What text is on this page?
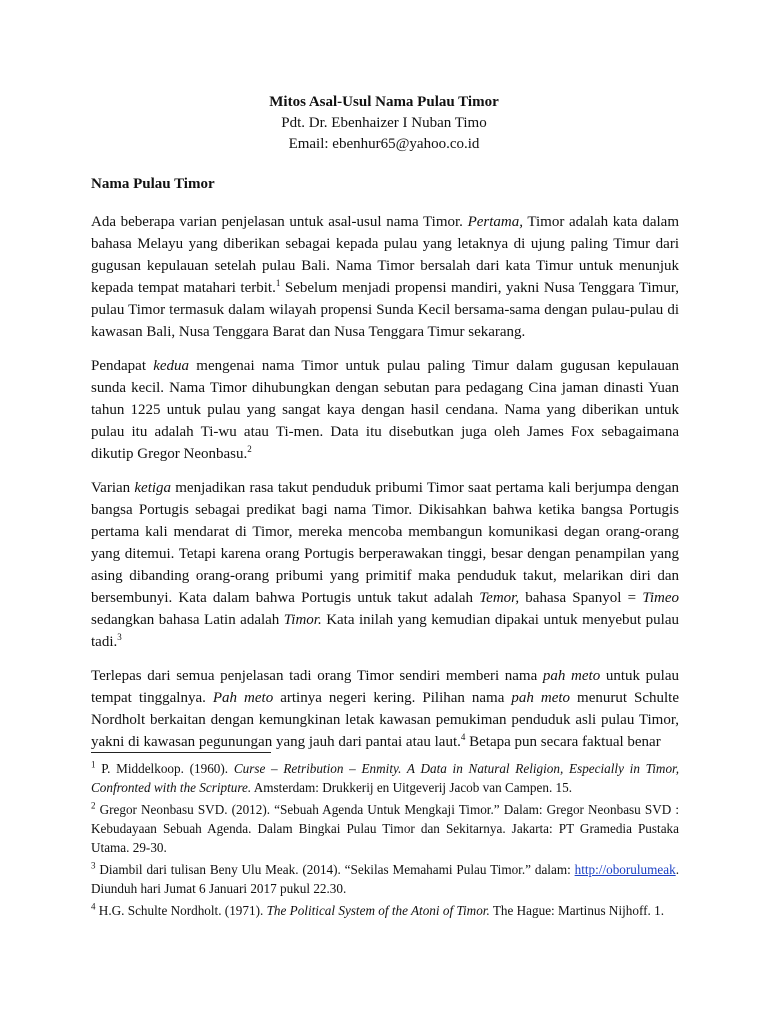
Mitos Asal-Usul Nama Pulau Timor
Pdt. Dr. Ebenhaizer I Nuban Timo
Email: ebenhur65@yahoo.co.id
Nama Pulau Timor

Ada beberapa varian penjelasan untuk asal-usul nama Timor. Pertama, Timor adalah kata dalam bahasa Melayu yang diberikan sebagai kepada pulau yang letaknya di ujung paling Timur dari gugusan kepulauan setelah pulau Bali. Nama Timor bersalah dari kata Timur untuk menunjuk kepada tempat matahari terbit.$^1$ Sebelum menjadi propensi mandiri, yakni Nusa Tenggara Timur, pulau Timor termasuk dalam wilayah propensi Sunda Kecil bersama-sama dengan pulau-pulau di kawasan Bali, Nusa Tenggara Barat dan Nusa Tenggara Timur sekarang.

Pendapat kedua mengenai nama Timor untuk pulau paling Timur dalam gugusan kepulauan sunda kecil. Nama Timor dihubungkan dengan sebutan para pedagang Cina jaman dinasti Yuan tahun 1225 untuk pulau yang sangat kaya dengan hasil cendana. Nama yang diberikan untuk pulau itu adalah Ti-wu atau Ti-men. Data itu disebutkan juga oleh James Fox sebagaimana dikutip Gregor Neonbasu.$^2$

Varian ketiga menjadikan rasa takut penduduk pribumi Timor saat pertama kali berjumpa dengan bangsa Portugis sebagai predikat bagi nama Timor. Dikisahkan bahwa ketika bangsa Portugis pertama kali mendarat di Timor, mereka mencoba membangun komunikasi degan orang-orang yang ditemui. Tetapi karena orang Portugis berperawakan tinggi, besar dengan penampilan yang asing dibanding orang-orang pribumi yang primitif maka penduduk takut, melarikan diri dan bersembunyi. Kata dalam bahwa Portugis untuk takut adalah Temor, bahasa Spanyol = Timeo sedangkan bahasa Latin adalah Timor. Kata inilah yang kemudian dipakai untuk menyebut pulau tadi.$^3$

Terlepas dari semua penjelasan tadi orang Timor sendiri memberi nama pah meto untuk pulau tempat tinggalnya. Pah meto artinya negeri kering. Pilihan nama pah meto menurut Schulte Nordholt berkaitan dengan kemungkinan letak kawasan pemukiman penduduk asli pulau Timor, yakni di kawasan pegunungan yang jauh dari pantai atau laut.$^4$ Betapa pun secara faktual benar

$^1$ P. Middelkoop. (1960). Curse – Retribution – Enmity. A Data in Natural Religion, Especially in Timor, Confronted with the Scripture. Amsterdam: Drukkerij en Uitgeverij Jacob van Campen. 15.

$^2$ Gregor Neonbasu SVD. (2012). “Sebuah Agenda Untuk Mengkaji Timor.” Dalam: Gregor Neonbasu SVD : Kebudayaan Sebuah Agenda. Dalam Bingkai Pulau Timor dan Sekitarnya. Jakarta: PT Gramedia Pustaka Utama. 29-30.

$^3$ Diambil dari tulisan Beny Ulu Meak. (2014). “Sekilas Memahami Pulau Timor.” dalam: http://oborulumeak. Diunduh hari Jumat 6 Januari 2017 pukul 22.30.

$^4$ H.G. Schulte Nordholt. (1971). The Political System of the Atoni of Timor. The Hague: Martinus Nijhoff. 1.
